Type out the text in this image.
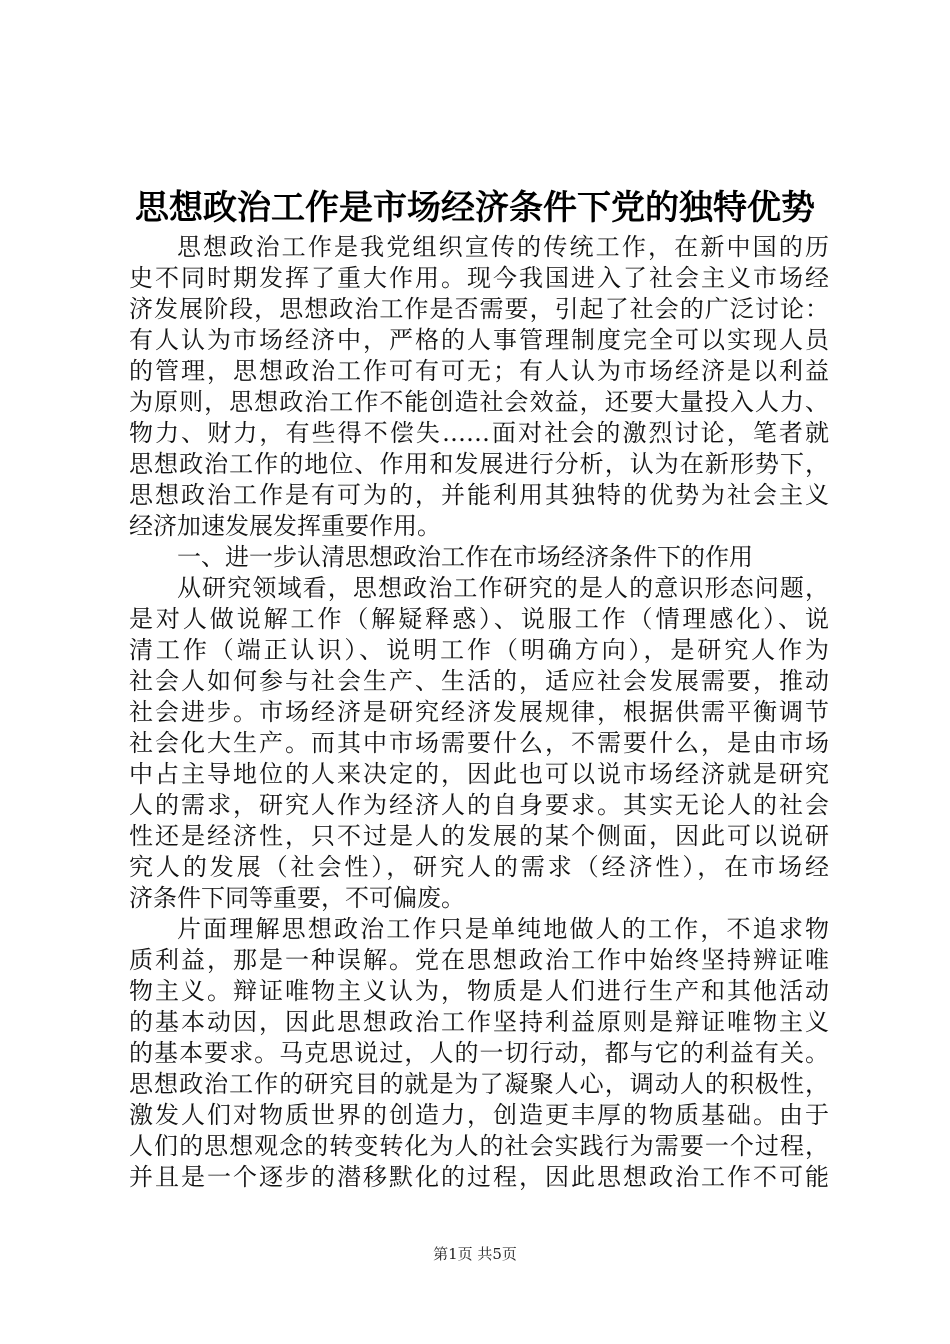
思想政治工作是市场经济条件下党的独特优势
思想政治工作是我党组织宣传的传统工作，在新中国的历
史不同时期发挥了重大作用。现今我国进入了社会主义市场经
济发展阶段，思想政治工作是否需要，引起了社会的广泛讨论：
有人认为市场经济中，严格的人事管理制度完全可以实现人员
的管理，思想政治工作可有可无；有人认为市场经济是以利益
为原则，思想政治工作不能创造社会效益，还要大量投入人力、
物力、财力，有些得不偿失……面对社会的激烈讨论，笔者就
思想政治工作的地位、作用和发展进行分析，认为在新形势下，
思想政治工作是有可为的，并能利用其独特的优势为社会主义
经济加速发展发挥重要作用。
一、进一步认清思想政治工作在市场经济条件下的作用
从研究领域看，思想政治工作研究的是人的意识形态问题，
是对人做说解工作（解疑释惑）、说服工作（情理感化）、说
清工作（端正认识）、说明工作（明确方向），是研究人作为
社会人如何参与社会生产、生活的，适应社会发展需要，推动
社会进步。市场经济是研究经济发展规律，根据供需平衡调节
社会化大生产。而其中市场需要什么，不需要什么，是由市场
中占主导地位的人来决定的，因此也可以说市场经济就是研究
人的需求，研究人作为经济人的自身要求。其实无论人的社会
性还是经济性，只不过是人的发展的某个侧面，因此可以说研
究人的发展（社会性），研究人的需求（经济性），在市场经
济条件下同等重要，不可偏废。
片面理解思想政治工作只是单纯地做人的工作，不追求物
质利益，那是一种误解。党在思想政治工作中始终坚持辨证唯
物主义。辩证唯物主义认为，物质是人们进行生产和其他活动
的基本动因，因此思想政治工作坚持利益原则是辩证唯物主义
的基本要求。马克思说过，人的一切行动，都与它的利益有关。
思想政治工作的研究目的就是为了凝聚人心，调动人的积极性，
激发人们对物质世界的创造力，创造更丰厚的物质基础。由于
人们的思想观念的转变转化为人的社会实践行为需要一个过程，
并且是一个逐步的潜移默化的过程，因此思想政治工作不可能
第1页 共5页
